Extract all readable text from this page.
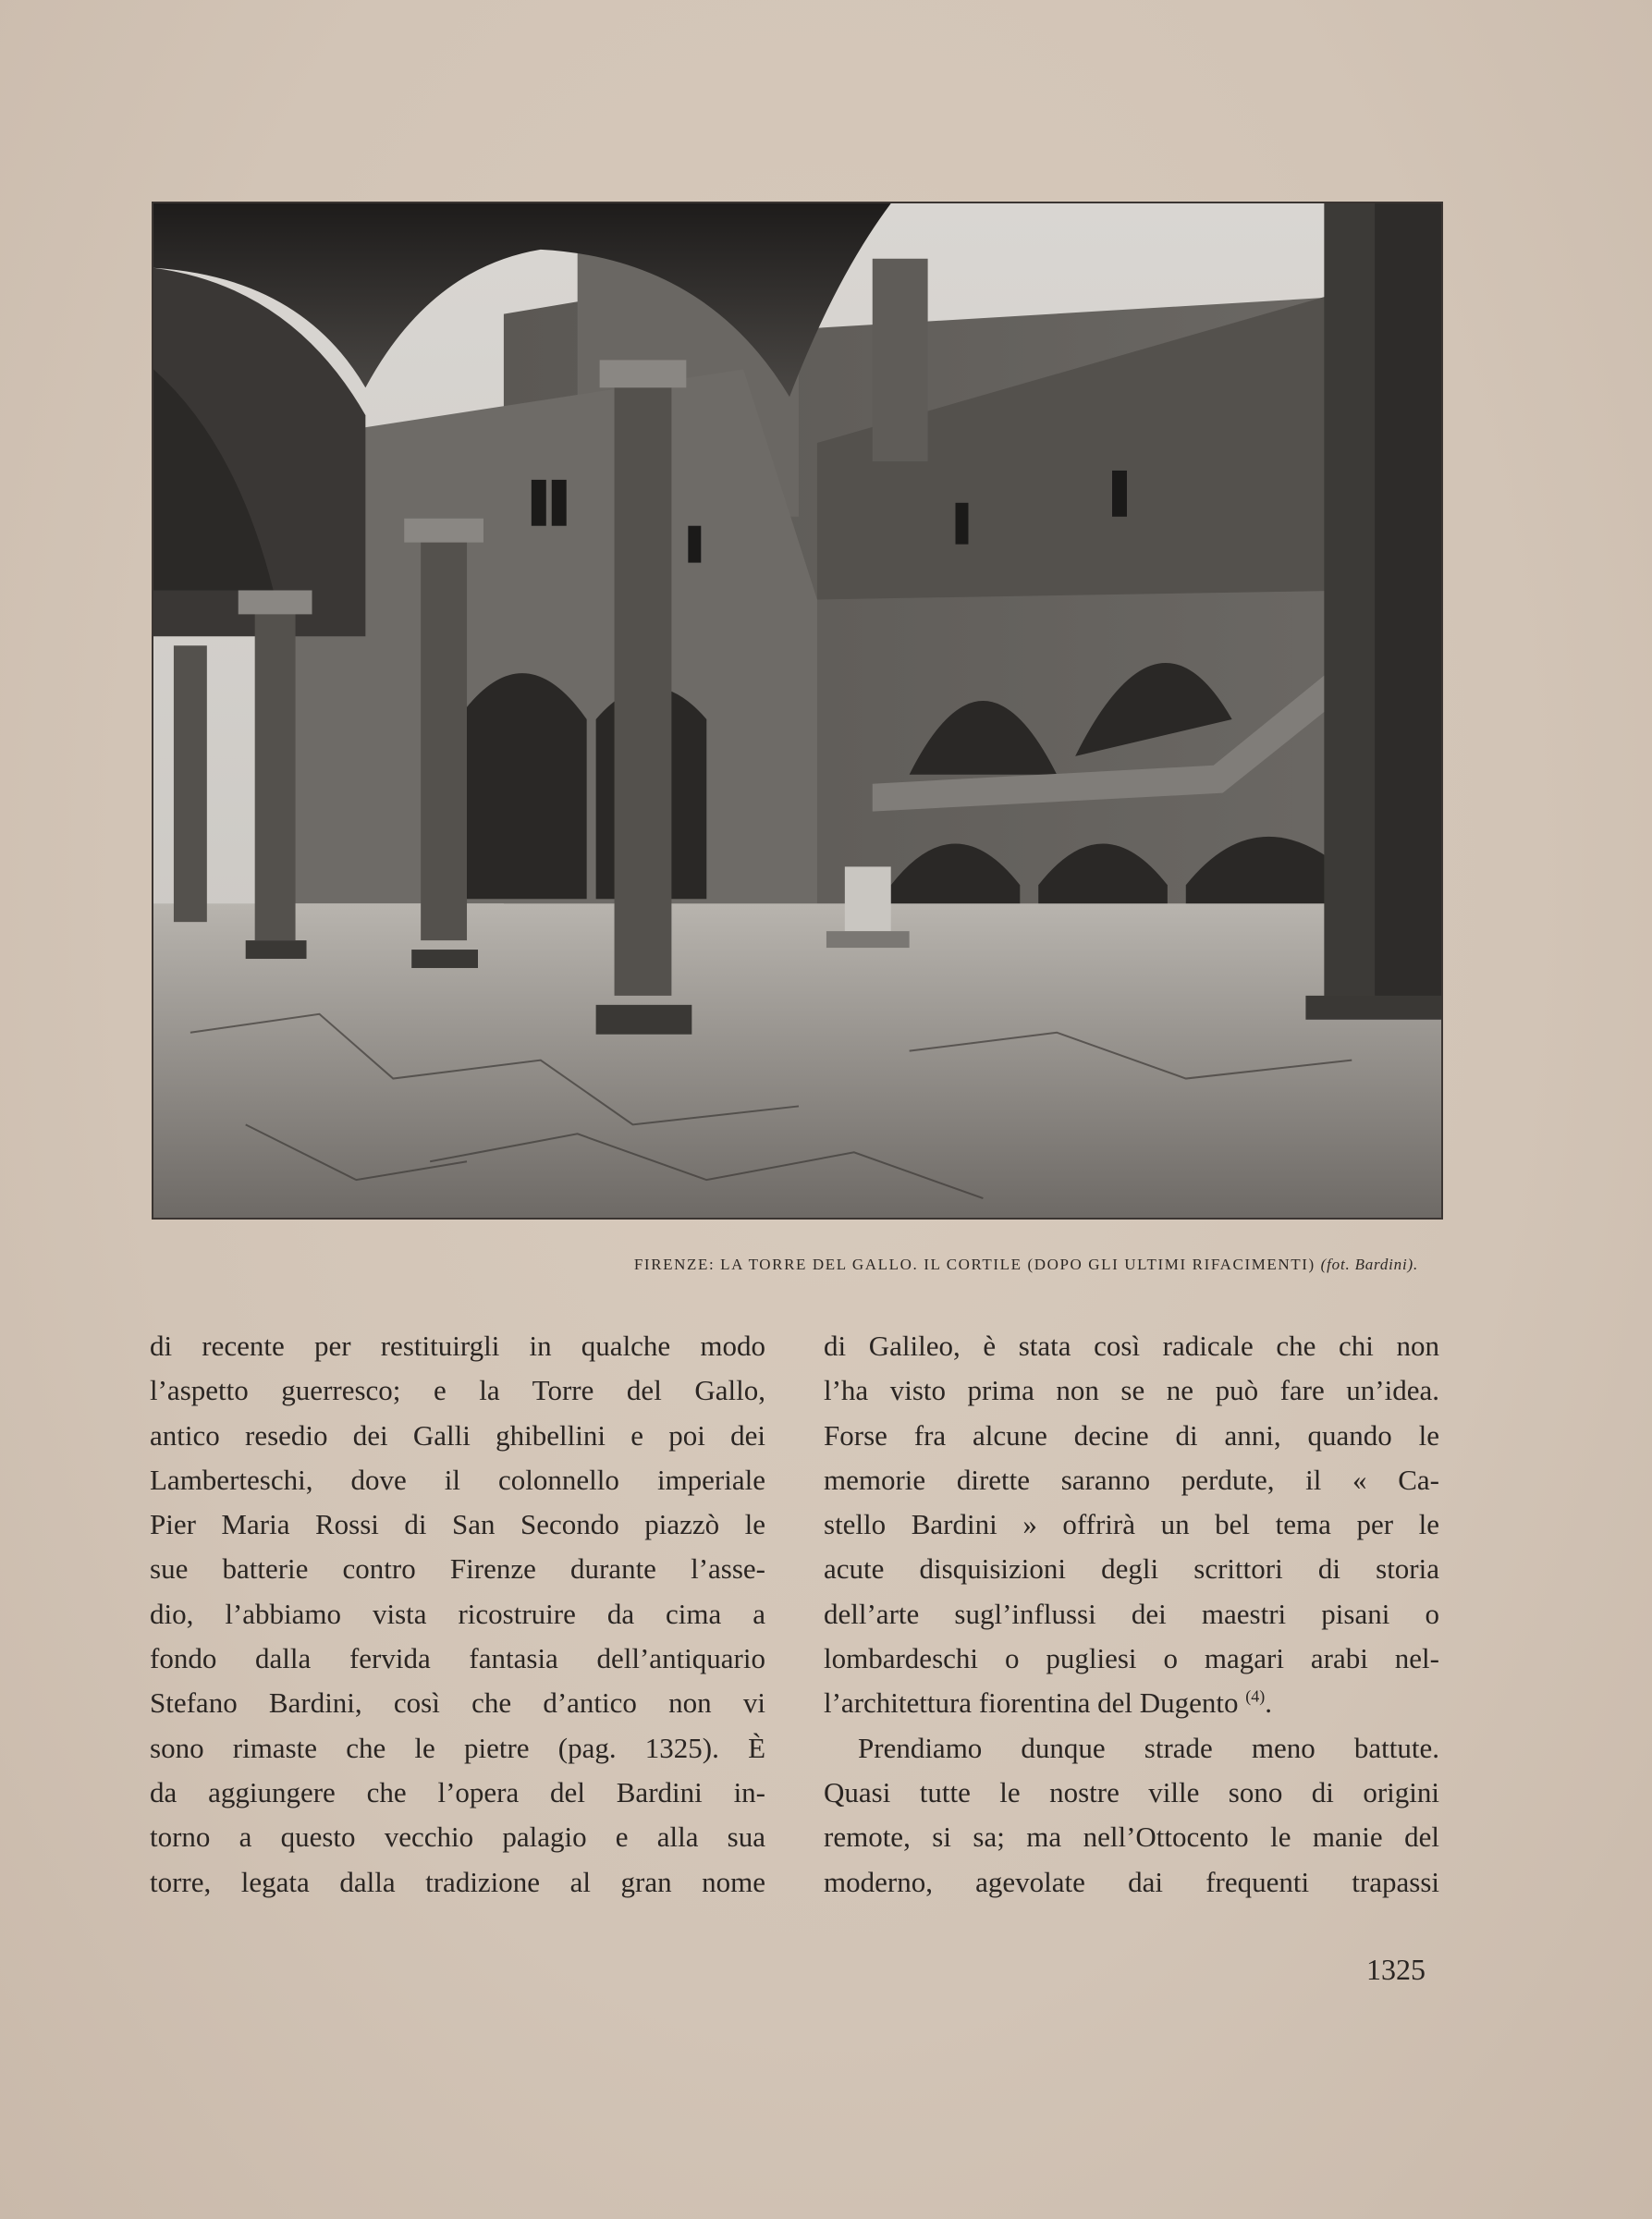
FIRENZE: LA TORRE DEL GALLO. IL CORTILE (DOPO GLI ULTIMI RIFACIMENTI) (fot. Bardini).
di recente per restituirgli in qualche modo
l’aspetto guerresco; e la Torre del Gallo,
antico resedio dei Galli ghibellini e poi dei
Lamberteschi, dove il colonnello imperiale
Pier Maria Rossi di San Secondo piazzò le
sue batterie contro Firenze durante l’asse-
dio, l’abbiamo vista ricostruire da cima a
fondo dalla fervida fantasia dell’antiquario
Stefano Bardini, così che d’antico non vi
sono rimaste che le pietre (pag. 1325). È
da aggiungere che l’opera del Bardini in-
torno a questo vecchio palagio e alla sua
torre, legata dalla tradizione al gran nome
di Galileo, è stata così radicale che chi non
l’ha visto prima non se ne può fare un’idea.
Forse fra alcune decine di anni, quando le
memorie dirette saranno perdute, il « Ca-
stello Bardini » offrirà un bel tema per le
acute disquisizioni degli scrittori di storia
dell’arte sugl’influssi dei maestri pisani o
lombardeschi o pugliesi o magari arabi nel-
l’architettura fiorentina del Dugento $^{(4)}$.
Prendiamo dunque strade meno battute.
Quasi tutte le nostre ville sono di origini
remote, si sa; ma nell’Ottocento le manie del
moderno, agevolate dai frequenti trapassi
1325
